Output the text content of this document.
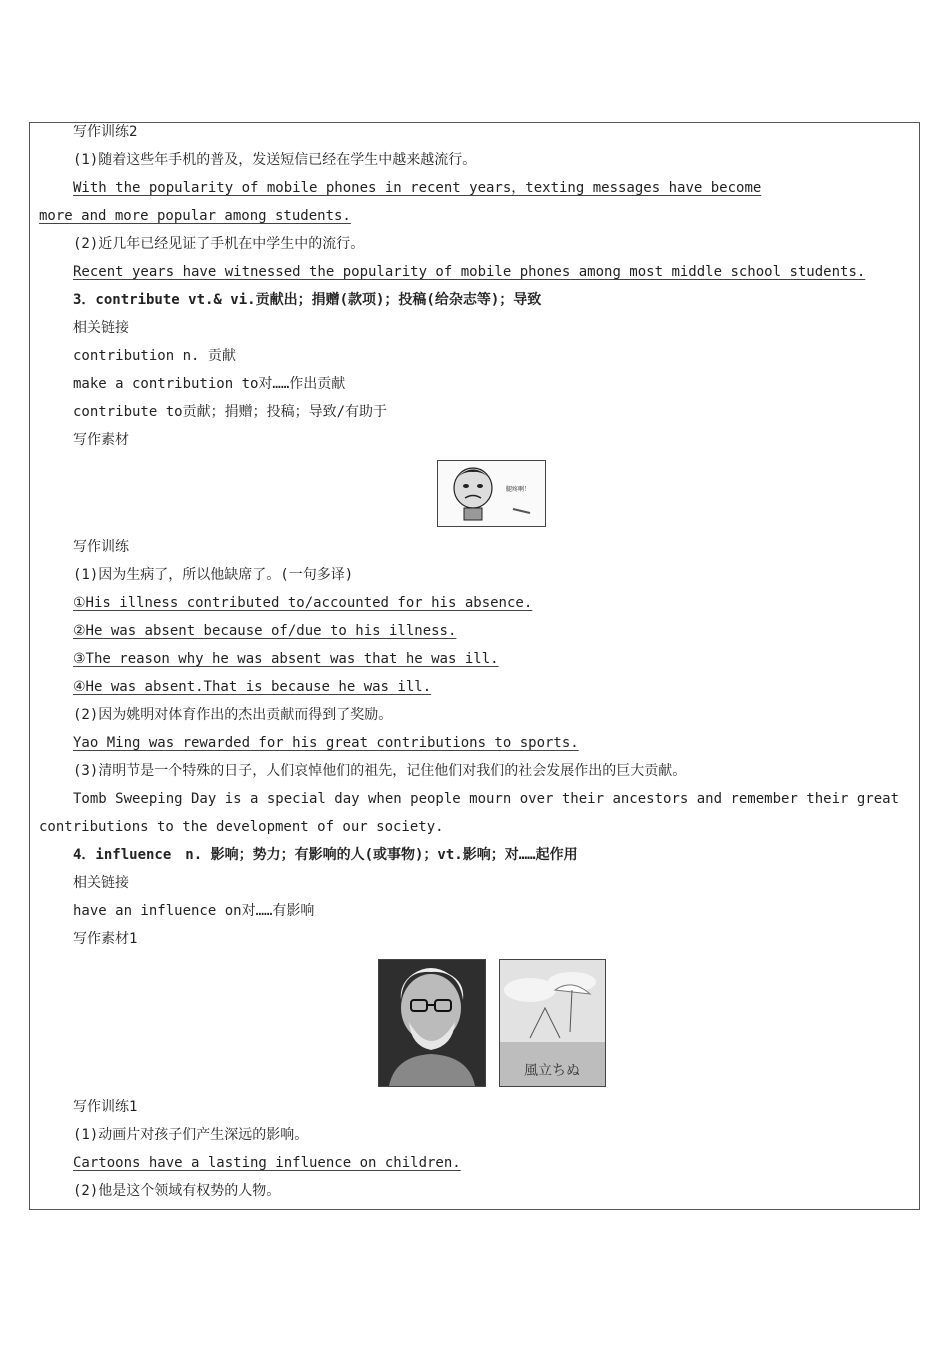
写作训练2
(1)随着这些年手机的普及，发送短信已经在学生中越来越流行。
With the popularity of mobile phones in recent years，texting messages have become
more and more popular among students.
(2)近几年已经见证了手机在中学生中的流行。
Recent years have witnessed the popularity of mobile phones among most middle school students.
3．contribute vt.& vi.贡献出；捐赠(款项)；投稿(给杂志等)；导致
相关链接
contribution n. 贡献
make a contribution to对……作出贡献
contribute to贡献；捐赠；投稿；导致/有助于
写作素材
腿疼啊！
写作训练
(1)因为生病了，所以他缺席了。(一句多译)
①His illness contributed to/accounted for his absence.
②He was absent because of/due to his illness.
③The reason why he was absent was that he was ill.
④He was absent.That is because he was ill.
(2)因为姚明对体育作出的杰出贡献而得到了奖励。
Yao Ming was rewarded for his great contributions to sports.
(3)清明节是一个特殊的日子，人们哀悼他们的祖先，记住他们对我们的社会发展作出的巨大贡献。
Tomb Sweeping Day is a special day when people mourn over their ancestors and remember their great
contributions to the development of our society.
4．influence　n. 影响；势力；有影响的人(或事物)；vt.影响；对……起作用
相关链接
have an influence on对……有影响
写作素材1
風立ちぬ
写作训练1
(1)动画片对孩子们产生深远的影响。
Cartoons have a lasting influence on children.
(2)他是这个领域有权势的人物。
